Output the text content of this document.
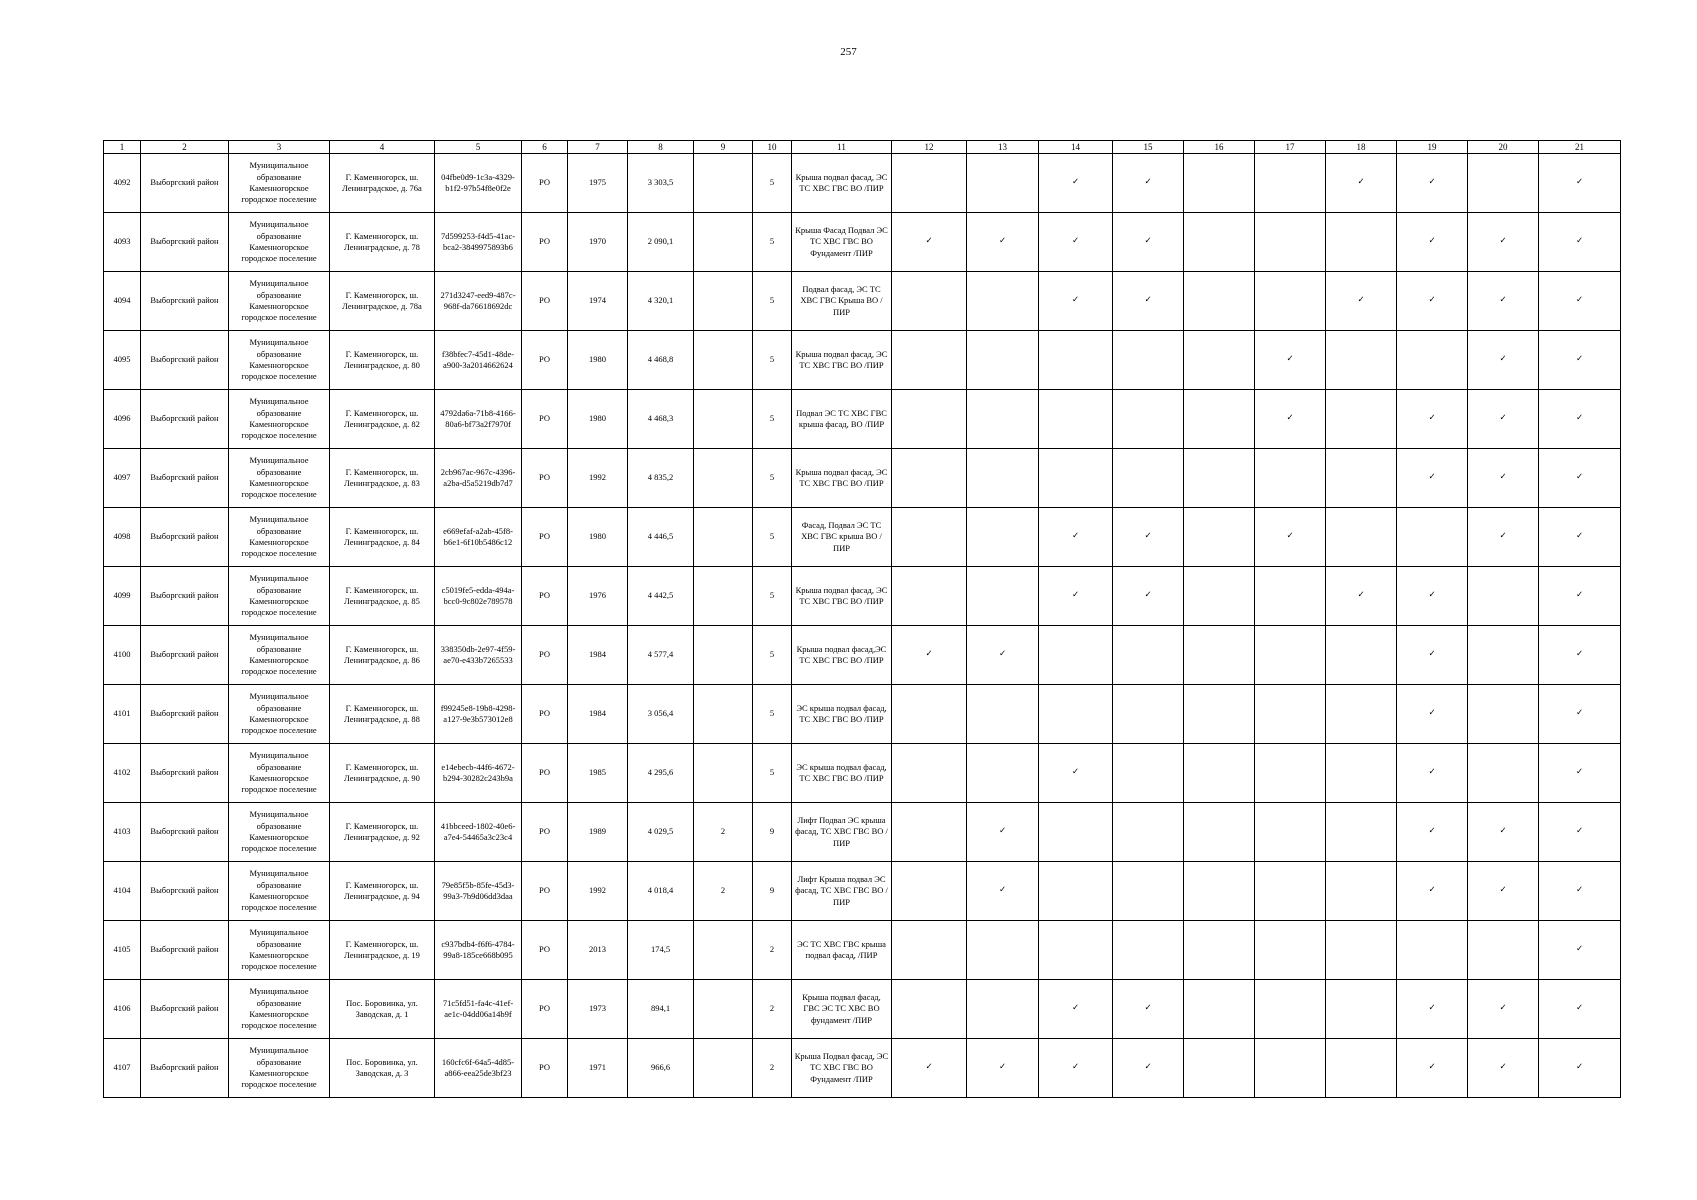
257
1	2	3	4	5	6	7	8	9	10	11	12	13	14	15	16	17	18	19	20	21
4092	Выборгский район	Муниципальное образование Каменногорское городское поселение	Г. Каменногорск, ш. Ленинградское, д. 76а	04fbe0d9-1c3a-4329-b1f2-97b54f8e0f2e	РО	1975	3 303,5		5	Крыша подвал фасад, ЭС ТС ХВС ГВС ВО /ПИР			✓	✓			✓	✓		✓
4093	Выборгский район	Муниципальное образование Каменногорское городское поселение	Г. Каменногорск, ш. Ленинградское, д. 78	7d599253-f4d5-41ac-bca2-3849975893b6	РО	1970	2 090,1		5	Крыша Фасад Подвал ЭС ТС ХВС ГВС ВО Фундамент /ПИР	✓	✓	✓	✓				✓	✓	✓
4094	Выборгский район	Муниципальное образование Каменногорское городское поселение	Г. Каменногорск, ш. Ленинградское, д. 78а	271d3247-eed9-487c-968f-da76618692dc	РО	1974	4 320,1		5	Подвал фасад, ЭС ТС ХВС ГВС Крыша ВО /ПИР			✓	✓			✓	✓	✓	✓
4095	Выборгский район	Муниципальное образование Каменногорское городское поселение	Г. Каменногорск, ш. Ленинградское, д. 80	f38bfec7-45d1-48de-a900-3a2014662624	РО	1980	4 468,8		5	Крыша подвал фасад, ЭС ТС ХВС ГВС ВО /ПИР						✓			✓	✓
4096	Выборгский район	Муниципальное образование Каменногорское городское поселение	Г. Каменногорск, ш. Ленинградское, д. 82	4792da6a-71b8-4166-80a6-bf73a2f7970f	РО	1980	4 468,3		5	Подвал ЭС ТС ХВС ГВС крыша фасад, ВО /ПИР						✓		✓	✓	✓
4097	Выборгский район	Муниципальное образование Каменногорское городское поселение	Г. Каменногорск, ш. Ленинградское, д. 83	2cb967ac-967c-4396-a2ba-d5a5219db7d7	РО	1992	4 835,2		5	Крыша подвал фасад, ЭС ТС ХВС ГВС ВО /ПИР								✓	✓	✓
4098	Выборгский район	Муниципальное образование Каменногорское городское поселение	Г. Каменногорск, ш. Ленинградское, д. 84	e669efaf-a2ab-45f8-b6e1-6f10b5486c12	РО	1980	4 446,5		5	Фасад, Подвал ЭС ТС ХВС ГВС крыша ВО /ПИР			✓	✓		✓			✓	✓
4099	Выборгский район	Муниципальное образование Каменногорское городское поселение	Г. Каменногорск, ш. Ленинградское, д. 85	c5019fe5-edda-494a-bcc0-9c802e789578	РО	1976	4 442,5		5	Крыша подвал фасад, ЭС ТС ХВС ГВС ВО /ПИР			✓	✓			✓	✓		✓
4100	Выборгский район	Муниципальное образование Каменногорское городское поселение	Г. Каменногорск, ш. Ленинградское, д. 86	338350db-2e97-4f59-ae70-e433b7265533	РО	1984	4 577,4		5	Крыша подвал фасад,ЭС ТС ХВС ГВС ВО /ПИР	✓	✓						✓		✓
4101	Выборгский район	Муниципальное образование Каменногорское городское поселение	Г. Каменногорск, ш. Ленинградское, д. 88	f99245e8-19b8-4298-a127-9e3b573012e8	РО	1984	3 056,4		5	ЭС крыша подвал фасад, ТС ХВС ГВС ВО /ПИР								✓		✓
4102	Выборгский район	Муниципальное образование Каменногорское городское поселение	Г. Каменногорск, ш. Ленинградское, д. 90	e14ebecb-44f6-4672-b294-30282c243b9a	РО	1985	4 295,6		5	ЭС крыша подвал фасад, ТС ХВС ГВС ВО /ПИР			✓					✓		✓
4103	Выборгский район	Муниципальное образование Каменногорское городское поселение	Г. Каменногорск, ш. Ленинградское, д. 92	41bbceed-1802-40e6-a7e4-54465a3c23c4	РО	1989	4 029,5	2	9	Лифт Подвал ЭС крыша фасад, ТС ХВС ГВС ВО /ПИР		✓						✓	✓	✓
4104	Выборгский район	Муниципальное образование Каменногорское городское поселение	Г. Каменногорск, ш. Ленинградское, д. 94	79e85f5b-85fe-45d3-99a3-7b9d06dd3daa	РО	1992	4 018,4	2	9	Лифт Крыша подвал ЭС фасад, ТС ХВС ГВС ВО /ПИР		✓						✓	✓	✓
4105	Выборгский район	Муниципальное образование Каменногорское городское поселение	Г. Каменногорск, ш. Ленинградское, д. 19	c937bdb4-f6f6-4784-99a8-185ce668b095	РО	2013	174,5		2	ЭС ТС ХВС ГВС крыша подвал фасад, /ПИР										✓
4106	Выборгский район	Муниципальное образование Каменногорское городское поселение	Пос. Боровинка, ул. Заводская, д. 1	71c5fd51-fa4c-41ef-ae1c-04dd06a14b9f	РО	1973	894,1		2	Крыша подвал фасад, ГВС ЭС ТС ХВС ВО фундамент /ПИР			✓	✓				✓	✓	✓
4107	Выборгский район	Муниципальное образование Каменногорское городское поселение	Пос. Боровинка, ул. Заводская, д. 3	160cfc6f-64a5-4d85-a866-eea25de3bf23	РО	1971	966,6		2	Крыша Подвал фасад, ЭС ТС ХВС ГВС ВО Фундамент /ПИР	✓	✓	✓	✓				✓	✓	✓
